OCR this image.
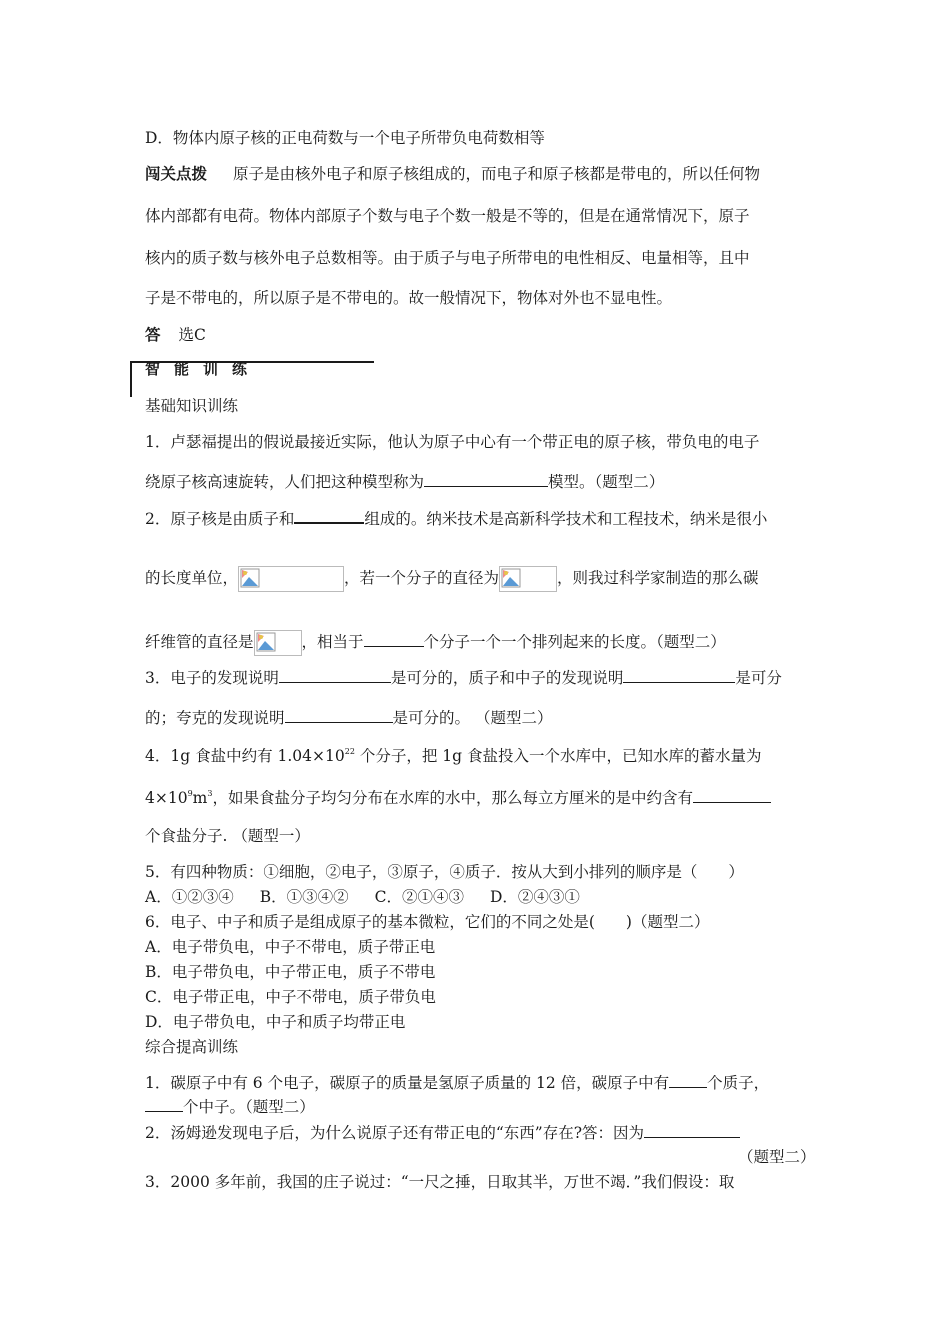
D．物体内原子核的正电荷数与一个电子所带负电荷数相等
闯关点拨 原子是由核外电子和原子核组成的，而电子和原子核都是带电的，所以任何物
体内部都有电荷。物体内部原子个数与电子个数一般是不等的，但是在通常情况下，原子
核内的质子数与核外电子总数相等。由于质子与电子所带电的电性相反、电量相等，且中
子是不带电的，所以原子是不带电的。故一般情况下，物体对外也不显电性。
答 选C
智能训练
基础知识训练
1．卢瑟福提出的假说最接近实际，他认为原子中心有一个带正电的原子核，带负电的电子
绕原子核高速旋转，人们把这种模型称为	模型。（题型二）
2．原子核是由质子和	组成的。纳米技术是高新科学技术和工程技术，纳米是很小
的长度单位，	，若一个分子的直径为	，则我过科学家制造的那么碳
纤维管的直径是	，相当于	个分子一个一个排列起来的长度。（题型二）
3．电子的发现说明	是可分的，质子和中子的发现说明	是可分
的；夸克的发现说明	是可分的。 （题型二）
4．1g 食盐中约有 $1.04\times 10^{22}$ 个分子，把 1g 食盐投入一个水库中，已知水库的蓄水量为
$4\times 10^9m^3$，如果食盐分子均匀分布在水库的水中，那么每立方厘米的是中约含有
个食盐分子. （题型一）
5．有四种物质：①细胞，②电子，③原子，④质子．按从大到小排列的顺序是（　　）
A．①②③④ B．①③④② C．②①④③ D．②④③①
6．电子、中子和质子是组成原子的基本微粒，它们的不同之处是(　　)（题型二）
A．电子带负电，中子不带电，质子带正电
B．电子带负电，中子带正电，质子不带电
C．电子带正电，中子不带电，质子带负电
D．电子带负电，中子和质子均带正电
综合提高训练
1．碳原子中有 6 个电子，碳原子的质量是氢原子质量的 12 倍，碳原子中有 个质子，
个中子。（题型二）
2．汤姆逊发现电子后，为什么说原子还有带正电的“东西”存在?答：因为
（题型二）
3．2000 多年前，我国的庄子说过：“一尺之捶，日取其半，万世不竭．”我们假设：取
